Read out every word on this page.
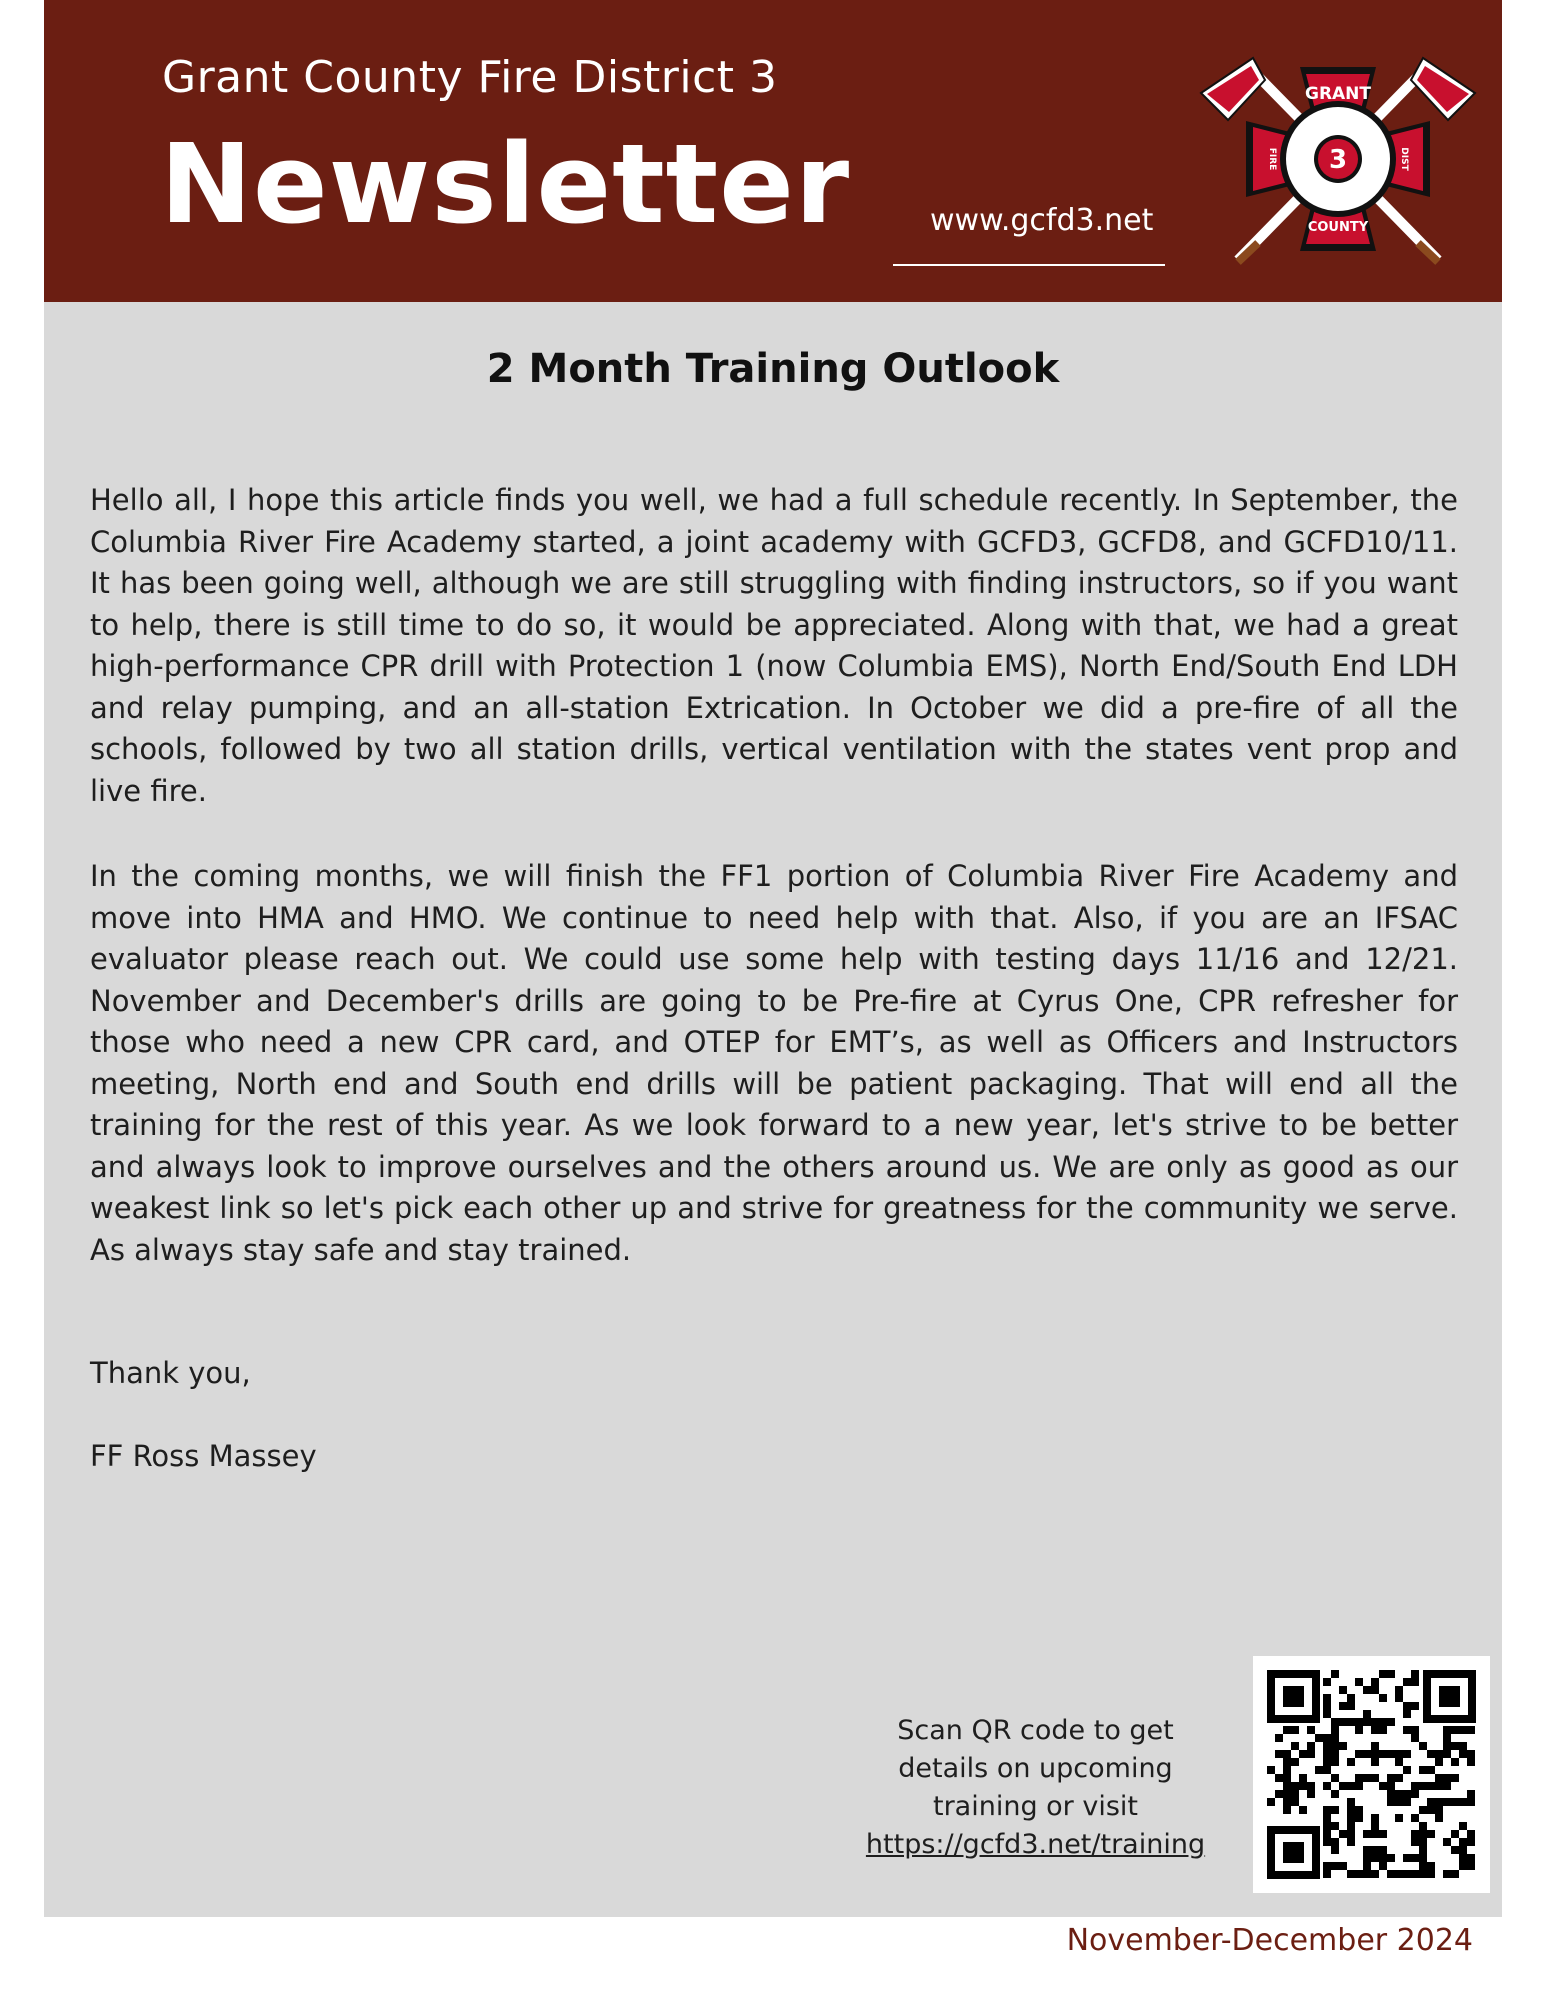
Grant County Fire District 3
Newsletter	www.gcfd3.net
3
GRANT
COUNTY
FIRE	DIST
2 Month Training Outlook

Hello all, I hope this article finds you well, we had a full schedule recently. In September, the Columbia River Fire Academy started, a joint academy with GCFD3, GCFD8, and GCFD10/11. It has been going well, although we are still struggling with finding instructors, so if you want to help, there is still time to do so, it would be appreciated. Along with that, we had a great high-performance CPR drill with Protection 1 (now Columbia EMS), North End/South End LDH and relay pumping, and an all-station Extrication. In October we did a pre-fire of all the schools, followed by two all station drills, vertical ventilation with the states vent prop and live fire.

In the coming months, we will finish the FF1 portion of Columbia River Fire Academy and move into HMA and HMO. We continue to need help with that. Also, if you are an IFSAC evaluator please reach out. We could use some help with testing days 11/16 and 12/21. November and December's drills are going to be Pre-fire at Cyrus One, CPR refresher for those who need a new CPR card, and OTEP for EMT’s, as well as Officers and Instructors meeting, North end and South end drills will be patient packaging. That will end all the training for the rest of this year. As we look forward to a new year, let's strive to be better and always look to improve ourselves and the others around us. We are only as good as our weakest link so let's pick each other up and strive for greatness for the community we serve. As always stay safe and stay trained.

Thank you,
FF Ross Massey
Scan QR code to get
details on upcoming
training or visit
https://gcfd3.net/training
November-December 2024
